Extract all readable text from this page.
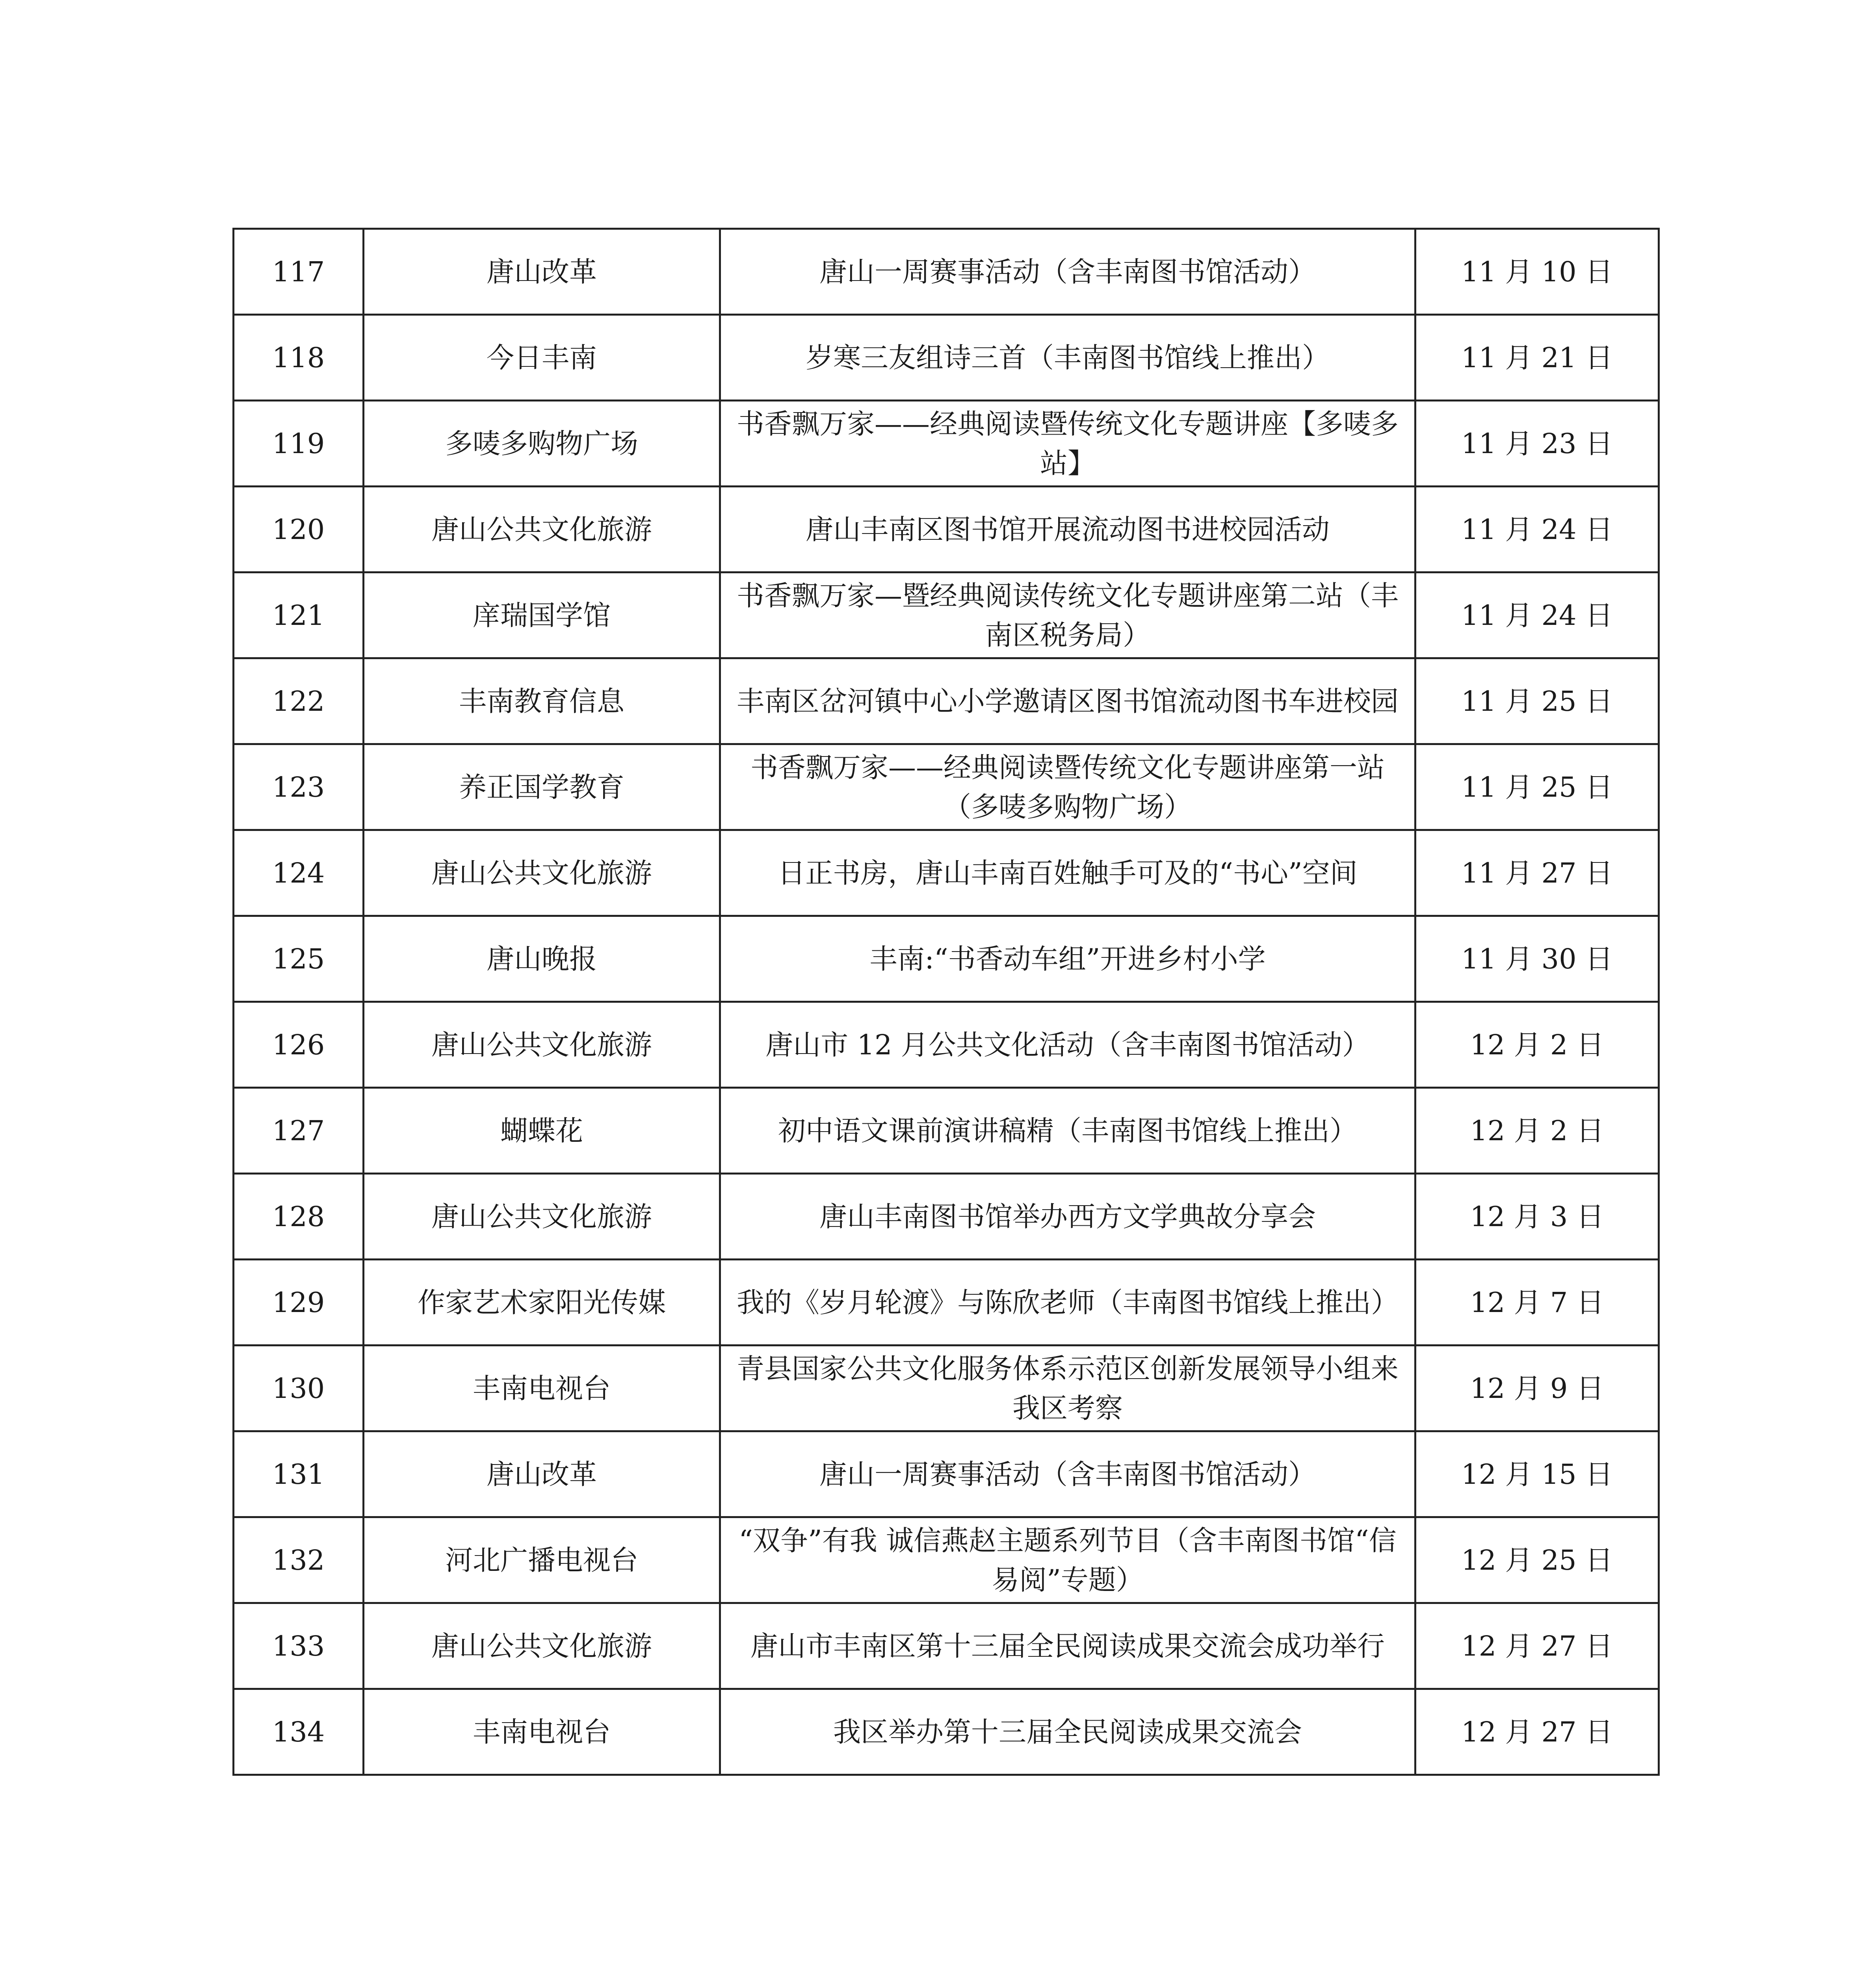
117	唐山改革	唐山一周赛事活动（含丰南图书馆活动）	11 月 10 日
118	今日丰南	岁寒三友组诗三首（丰南图书馆线上推出）	11 月 21 日
119	多唛多购物广场	书香飘万家——经典阅读暨传统文化专题讲座【多唛多站】	11 月 23 日
120	唐山公共文化旅游	唐山丰南区图书馆开展流动图书进校园活动	11 月 24 日
121	庠瑞国学馆	书香飘万家—暨经典阅读传统文化专题讲座第二站（丰南区税务局）	11 月 24 日
122	丰南教育信息	丰南区岔河镇中心小学邀请区图书馆流动图书车进校园	11 月 25 日
123	养正国学教育	书香飘万家——经典阅读暨传统文化专题讲座第一站（多唛多购物广场）	11 月 25 日
124	唐山公共文化旅游	日正书房，唐山丰南百姓触手可及的“书心”空间	11 月 27 日
125	唐山晚报	丰南:“书香动车组”开进乡村小学	11 月 30 日
126	唐山公共文化旅游	唐山市 12 月公共文化活动（含丰南图书馆活动）	12 月 2 日
127	蝴蝶花	初中语文课前演讲稿精（丰南图书馆线上推出）	12 月 2 日
128	唐山公共文化旅游	唐山丰南图书馆举办西方文学典故分享会	12 月 3 日
129	作家艺术家阳光传媒	我的《岁月轮渡》与陈欣老师（丰南图书馆线上推出）	12 月 7 日
130	丰南电视台	青县国家公共文化服务体系示范区创新发展领导小组来我区考察	12 月 9 日
131	唐山改革	唐山一周赛事活动（含丰南图书馆活动）	12 月 15 日
132	河北广播电视台	“双争”有我 诚信燕赵主题系列节目（含丰南图书馆“信易阅”专题）	12 月 25 日
133	唐山公共文化旅游	唐山市丰南区第十三届全民阅读成果交流会成功举行	12 月 27 日
134	丰南电视台	我区举办第十三届全民阅读成果交流会	12 月 27 日
